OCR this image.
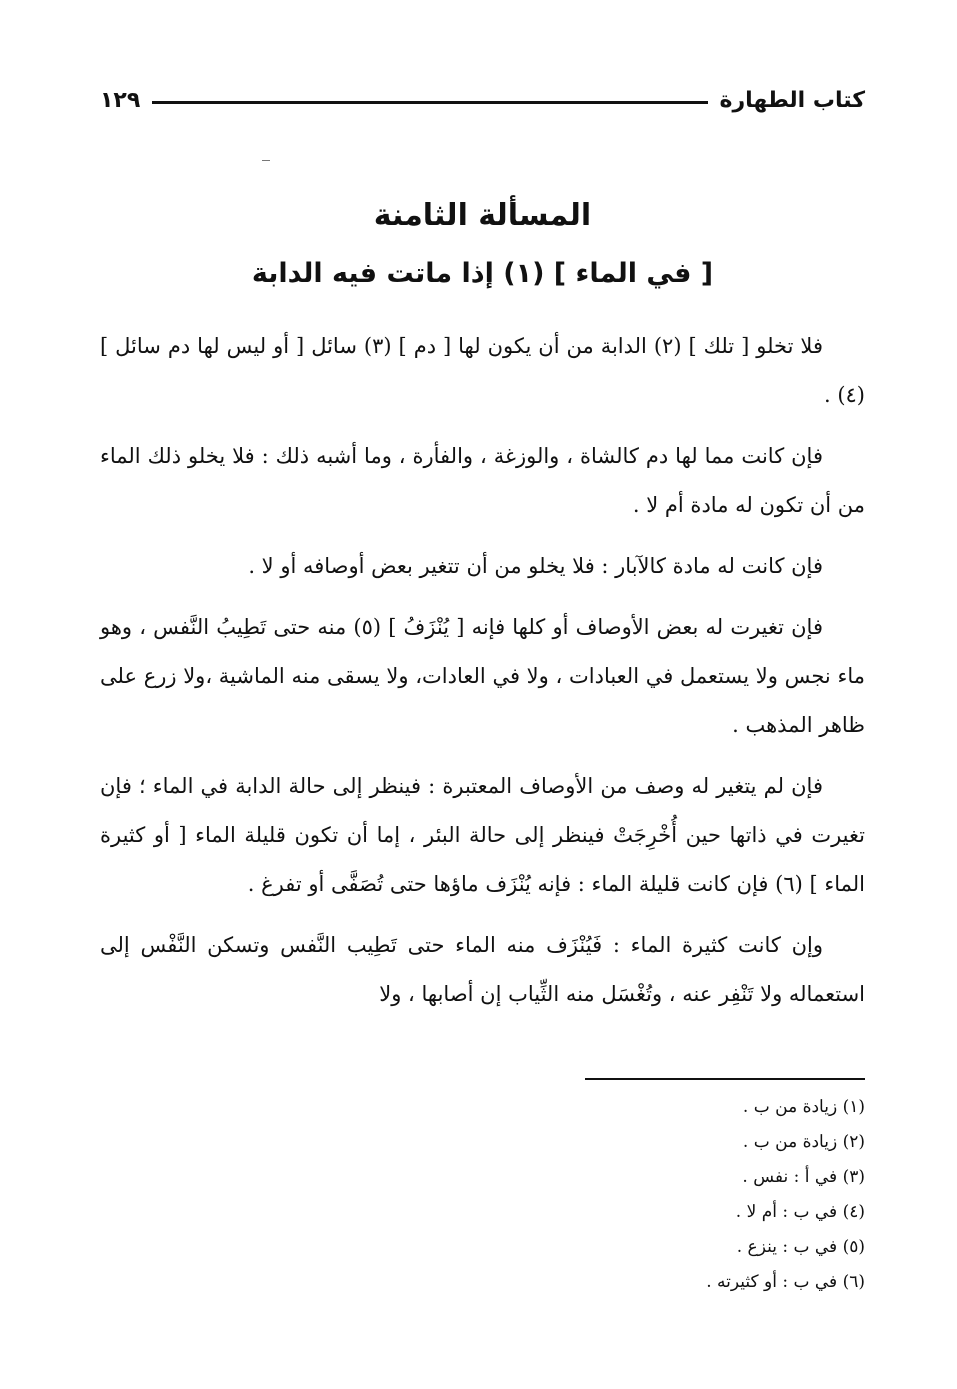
كتاب الطهارة
١٢٩
المسألة الثامنة
[ في الماء ] (١) إذا ماتت فيه الدابة

فلا تخلو [ تلك ] (٢) الدابة من أن يكون لها [ دم ] (٣) سائل [ أو ليس لها دم سائل ] (٤) .

فإن كانت مما لها دم كالشاة ، والوزغة ، والفأرة ، وما أشبه ذلك : فلا يخلو ذلك الماء من أن تكون له مادة أم لا .

فإن كانت له مادة كالآبار : فلا يخلو من أن تتغير بعض أوصافه أو لا .

فإن تغيرت له بعض الأوصاف أو كلها فإنه [ يُنْزَفُ ] (٥) منه حتى تَطِيبُ النَّفس ، وهو ماء نجس ولا يستعمل في العبادات ، ولا في العادات، ولا يسقى منه الماشية ،ولا زرع على ظاهر المذهب .

فإن لم يتغير له وصف من الأوصاف المعتبرة : فينظر إلى حالة الدابة في الماء ؛ فإن تغيرت في ذاتها حين أُخْرِجَتْ فينظر إلى حالة البئر ، إما أن تكون قليلة الماء [ أو كثيرة الماء ] (٦) فإن كانت قليلة الماء : فإنه يُنْزَف ماؤها حتى تُصَفَّى أو تفرغ .

وإن كانت كثيرة الماء : فَيُنْزَف منه الماء حتى تَطِيب النَّفس وتسكن النَّفْس إلى استعماله ولا تَنْفِر عنه ، وتُغْسَل منه الثِّياب إن أصابها ، ولا

(١) زيادة من ب .
(٢) زيادة من ب .
(٣) في أ : نفس .
(٤) في ب : أم لا .
(٥) في ب : ينزع .
(٦) في ب : أو كثيرته .
